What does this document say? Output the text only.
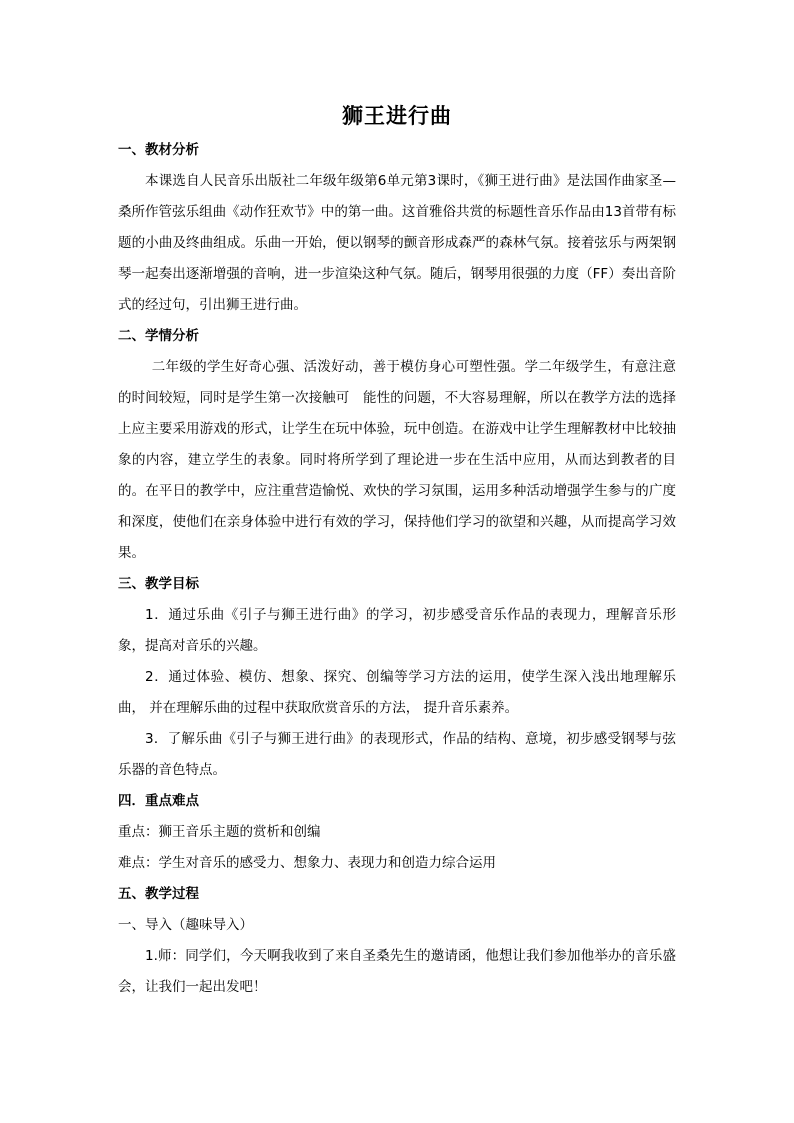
狮王进行曲

一、教材分析

本课选自人民音乐出版社二年级年级第6单元第3课时，《狮王进行曲》是法国作曲家圣—桑所作管弦乐组曲《动作狂欢节》中的第一曲。这首雅俗共赏的标题性音乐作品由13首带有标题的小曲及终曲组成。乐曲一开始，便以钢琴的颤音形成森严的森林气氛。接着弦乐与两架钢琴一起奏出逐渐增强的音响，进一步渲染这种气氛。随后，钢琴用很强的力度（FF）奏出音阶式的经过句，引出狮王进行曲。

二、学情分析

二年级的学生好奇心强、活泼好动，善于模仿身心可塑性强。学二年级学生，有意注意的时间较短，同时是学生第一次接触可　能性的问题，不大容易理解，所以在教学方法的选择上应主要采用游戏的形式，让学生在玩中体验，玩中创造。在游戏中让学生理解教材中比较抽象的内容，建立学生的表象。同时将所学到了理论进一步在生活中应用，从而达到教者的目的。在平日的教学中，应注重营造愉悦、欢快的学习氛围，运用多种活动增强学生参与的广度和深度，使他们在亲身体验中进行有效的学习，保持他们学习的欲望和兴趣，从而提高学习效果。

三、教学目标

1．通过乐曲《引子与狮王进行曲》的学习，初步感受音乐作品的表现力，理解音乐形象，提高对音乐的兴趣。

2．通过体验、模仿、想象、探究、创编等学习方法的运用，使学生深入浅出地理解乐曲， 并在理解乐曲的过程中获取欣赏音乐的方法， 提升音乐素养。

3．了解乐曲《引子与狮王进行曲》的表现形式，作品的结构、意境，初步感受钢琴与弦乐器的音色特点。

四．重点难点

重点：狮王音乐主题的赏析和创编

难点：学生对音乐的感受力、想象力、表现力和创造力综合运用

五、教学过程

一、导入（趣味导入）

1.师：同学们，今天啊我收到了来自圣桑先生的邀请函，他想让我们参加他举办的音乐盛会，让我们一起出发吧！
